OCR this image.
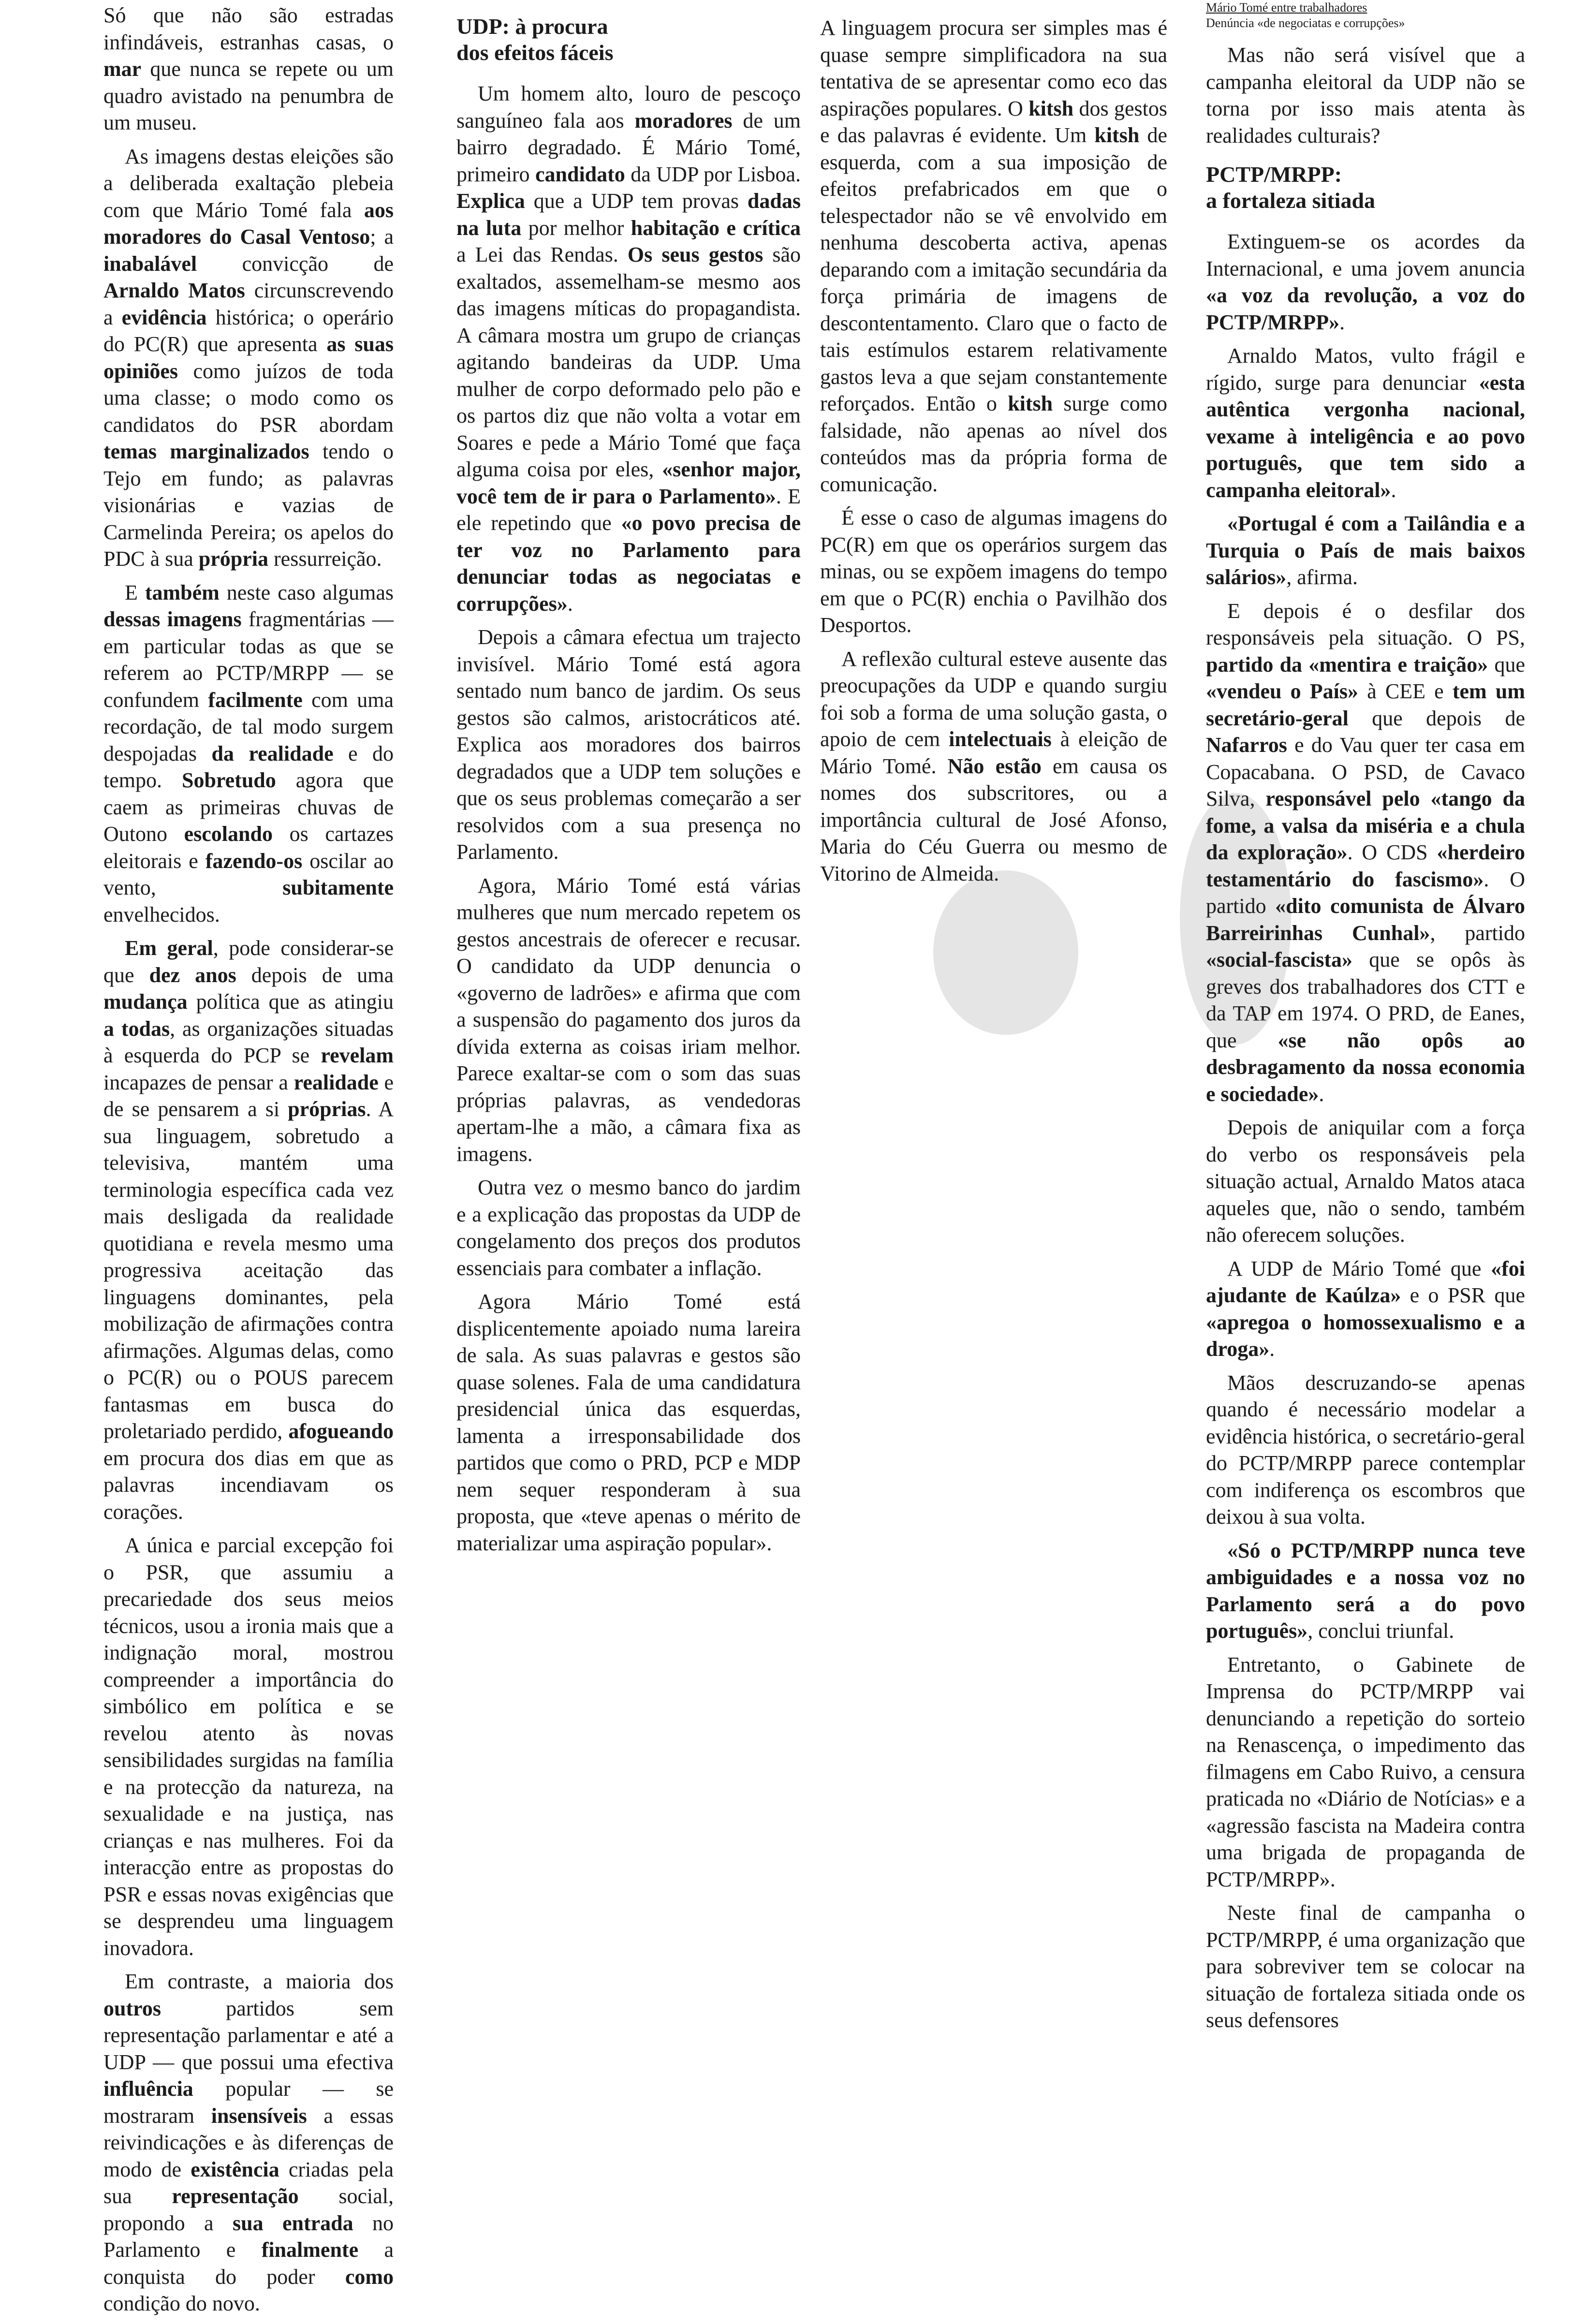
Só que não são estradas infindáveis, estranhas casas, o mar que nunca se repete ou um quadro avistado na penumbra de um museu.

As imagens destas eleições são a deliberada exaltação plebeia com que Mário Tomé fala aos moradores do Casal Ventoso; a inabalável convicção de Arnaldo Matos circunscrevendo a evidência histórica; o operário do PC(R) que apresenta as suas opiniões como juízos de toda uma classe; o modo como os candidatos do PSR abordam temas marginalizados tendo o Tejo em fundo; as palavras visionárias e vazias de Carmelinda Pereira; os apelos do PDC à sua própria ressurreição.

E também neste caso algumas dessas imagens fragmentárias — em particular todas as que se referem ao PCTP/MRPP — se confundem facilmente com uma recordação, de tal modo surgem despojadas da realidade e do tempo. Sobretudo agora que caem as primeiras chuvas de Outono escolando os cartazes eleitorais e fazendo-os oscilar ao vento, subitamente envelhecidos.

Em geral, pode considerar-se que dez anos depois de uma mudança política que as atingiu a todas, as organizações situadas à esquerda do PCP se revelam incapazes de pensar a realidade e de se pensarem a si próprias. A sua linguagem, sobretudo a televisiva, mantém uma terminologia específica cada vez mais desligada da realidade quotidiana e revela mesmo uma progressiva aceitação das linguagens dominantes, pela mobilização de afirmações contra afirmações. Algumas delas, como o PC(R) ou o POUS parecem fantasmas em busca do proletariado perdido, afogueando em procura dos dias em que as palavras incendiavam os corações.

A única e parcial excepção foi o PSR, que assumiu a precariedade dos seus meios técnicos, usou a ironia mais que a indignação moral, mostrou compreender a importância do simbólico em política e se revelou atento às novas sensibilidades surgidas na família e na protecção da natureza, na sexualidade e na justiça, nas crianças e nas mulheres. Foi da interacção entre as propostas do PSR e essas novas exigências que se desprendeu uma linguagem inovadora.

Em contraste, a maioria dos outros partidos sem representação parlamentar e até a UDP — que possui uma efectiva influência popular — se mostraram insensíveis a essas reivindicações e às diferenças de modo de existência criadas pela sua representação social, propondo a sua entrada no Parlamento e finalmente a conquista do poder como condição do novo.

UDP: à procura
dos efeitos fáceis

Um homem alto, louro de pescoço sanguíneo fala aos moradores de um bairro degradado. É Mário Tomé, primeiro candidato da UDP por Lisboa. Explica que a UDP tem provas dadas na luta por melhor habitação e crítica a Lei das Rendas. Os seus gestos são exaltados, assemelham-se mesmo aos das imagens míticas do propagandista. A câmara mostra um grupo de crianças agitando bandeiras da UDP. Uma mulher de corpo deformado pelo pão e os partos diz que não volta a votar em Soares e pede a Mário Tomé que faça alguma coisa por eles, «senhor major, você tem de ir para o Parlamento». E ele repetindo que «o povo precisa de ter voz no Parlamento para denunciar todas as negociatas e corrupções».

Depois a câmara efectua um trajecto invisível. Mário Tomé está agora sentado num banco de jardim. Os seus gestos são calmos, aristocráticos até. Explica aos moradores dos bairros degradados que a UDP tem soluções e que os seus problemas começarão a ser resolvidos com a sua presença no Parlamento.

Agora, Mário Tomé está várias mulheres que num mercado repetem os gestos ancestrais de oferecer e recusar. O candidato da UDP denuncia o «governo de ladrões» e afirma que com a suspensão do pagamento dos juros da dívida externa as coisas iriam melhor. Parece exaltar-se com o som das suas próprias palavras, as vendedoras apertam-lhe a mão, a câmara fixa as imagens.

Outra vez o mesmo banco do jardim e a explicação das propostas da UDP de congelamento dos preços dos produtos essenciais para combater a inflação.

Agora Mário Tomé está displicentemente apoiado numa lareira de sala. As suas palavras e gestos são quase solenes. Fala de uma candidatura presidencial única das esquerdas, lamenta a irresponsabilidade dos partidos que como o PRD, PCP e MDP nem sequer responderam à sua proposta, que «teve apenas o mérito de materializar uma aspiração popular».

A linguagem procura ser simples mas é quase sempre simplificadora na sua tentativa de se apresentar como eco das aspirações populares. O kitsh dos gestos e das palavras é evidente. Um kitsh de esquerda, com a sua imposição de efeitos prefabricados em que o telespectador não se vê envolvido em nenhuma descoberta activa, apenas deparando com a imitação secundária da força primária de imagens de descontentamento. Claro que o facto de tais estímulos estarem relativamente gastos leva a que sejam constantemente reforçados. Então o kitsh surge como falsidade, não apenas ao nível dos conteúdos mas da própria forma de comunicação.

É esse o caso de algumas imagens do PC(R) em que os operários surgem das minas, ou se expõem imagens do tempo em que o PC(R) enchia o Pavilhão dos Desportos.

A reflexão cultural esteve ausente das preocupações da UDP e quando surgiu foi sob a forma de uma solução gasta, o apoio de cem intelectuais à eleição de Mário Tomé. Não estão em causa os nomes dos subscritores, ou a importância cultural de José Afonso, Maria do Céu Guerra ou mesmo de Vitorino de Almeida.

Mário Tomé entre trabalhadores
Denúncia «de negociatas e corrupções»

Mas não será visível que a campanha eleitoral da UDP não se torna por isso mais atenta às realidades culturais?

PCTP/MRPP:
a fortaleza sitiada

Extinguem-se os acordes da Internacional, e uma jovem anuncia «a voz da revolução, a voz do PCTP/MRPP».

Arnaldo Matos, vulto frágil e rígido, surge para denunciar «esta autêntica vergonha nacional, vexame à inteligência e ao povo português, que tem sido a campanha eleitoral».

«Portugal é com a Tailândia e a Turquia o País de mais baixos salários», afirma.

E depois é o desfilar dos responsáveis pela situação. O PS, partido da «mentira e traição» que «vendeu o País» à CEE e tem um secretário-geral que depois de Nafarros e do Vau quer ter casa em Copacabana. O PSD, de Cavaco Silva, responsável pelo «tango da fome, a valsa da miséria e a chula da exploração». O CDS «herdeiro testamentário do fascismo». O partido «dito comunista de Álvaro Barreirinhas Cunhal», partido «social-fascista» que se opôs às greves dos trabalhadores dos CTT e da TAP em 1974. O PRD, de Eanes, que «se não opôs ao desbragamento da nossa economia e sociedade».

Depois de aniquilar com a força do verbo os responsáveis pela situação actual, Arnaldo Matos ataca aqueles que, não o sendo, também não oferecem soluções.

A UDP de Mário Tomé que «foi ajudante de Kaúlza» e o PSR que «apregoa o homossexualismo e a droga».

Mãos descruzando-se apenas quando é necessário modelar a evidência histórica, o secretário-geral do PCTP/MRPP parece contemplar com indiferença os escombros que deixou à sua volta.

«Só o PCTP/MRPP nunca teve ambiguidades e a nossa voz no Parlamento será a do povo português», conclui triunfal.

Entretanto, o Gabinete de Imprensa do PCTP/MRPP vai denunciando a repetição do sorteio na Renascença, o impedimento das filmagens em Cabo Ruivo, a censura praticada no «Diário de Notícias» e a «agressão fascista na Madeira contra uma brigada de propaganda de PCTP/MRPP».

Neste final de campanha o PCTP/MRPP, é uma organização que para sobreviver tem se colocar na situação de fortaleza sitiada onde os seus defensores
